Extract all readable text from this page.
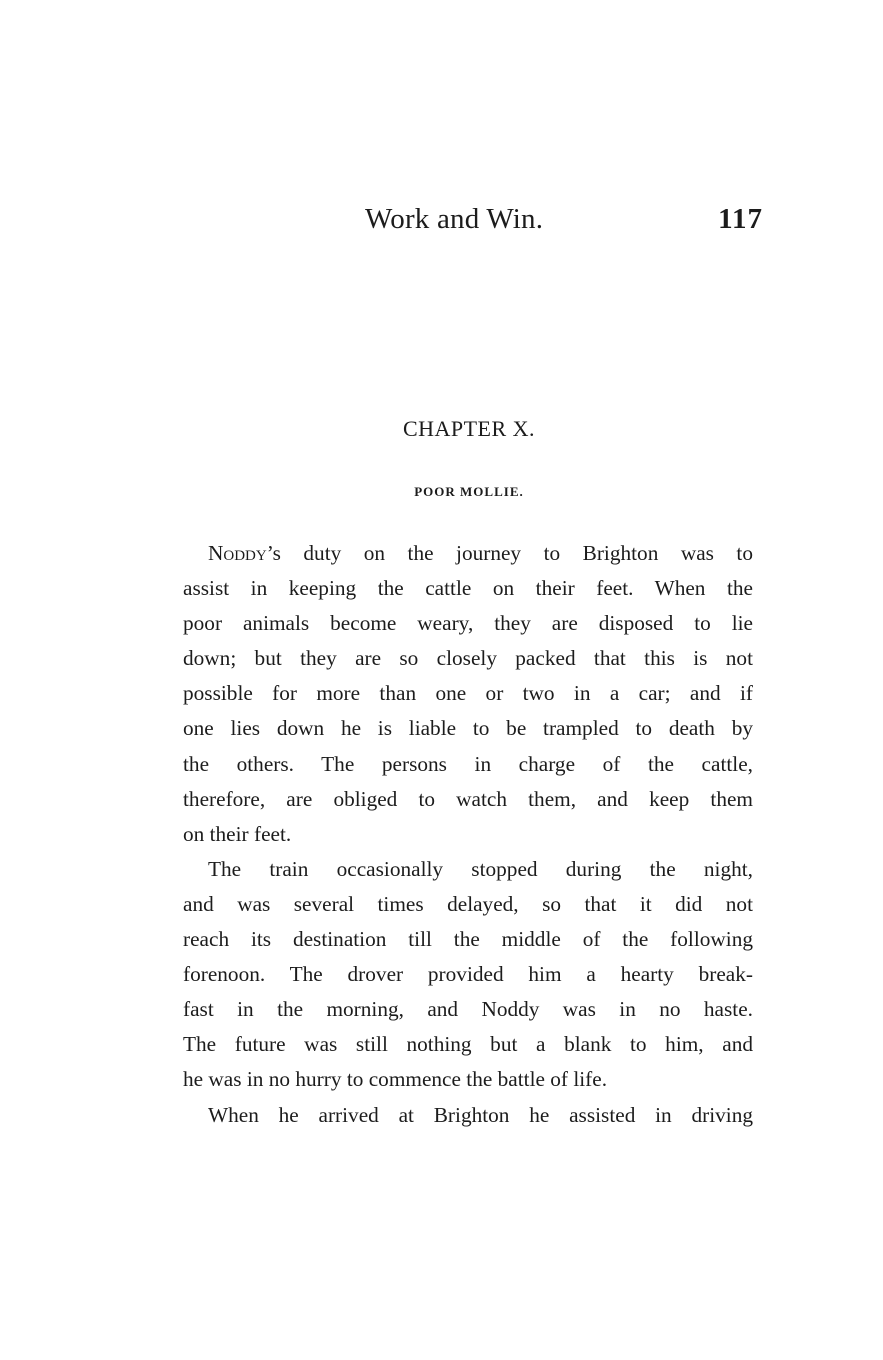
Work and Win.	117
CHAPTER X.
POOR MOLLIE.
Noddy’s duty on the journey to Brighton was to
assist in keeping the cattle on their feet. When the
poor animals become weary, they are disposed to lie
down; but they are so closely packed that this is not
possible for more than one or two in a car; and if
one lies down he is liable to be trampled to death by
the others. The persons in charge of the cattle,
therefore, are obliged to watch them, and keep them
on their feet.
The train occasionally stopped during the night,
and was several times delayed, so that it did not
reach its destination till the middle of the following
forenoon. The drover provided him a hearty break-
fast in the morning, and Noddy was in no haste.
The future was still nothing but a blank to him, and
he was in no hurry to commence the battle of life.
When he arrived at Brighton he assisted in driving
